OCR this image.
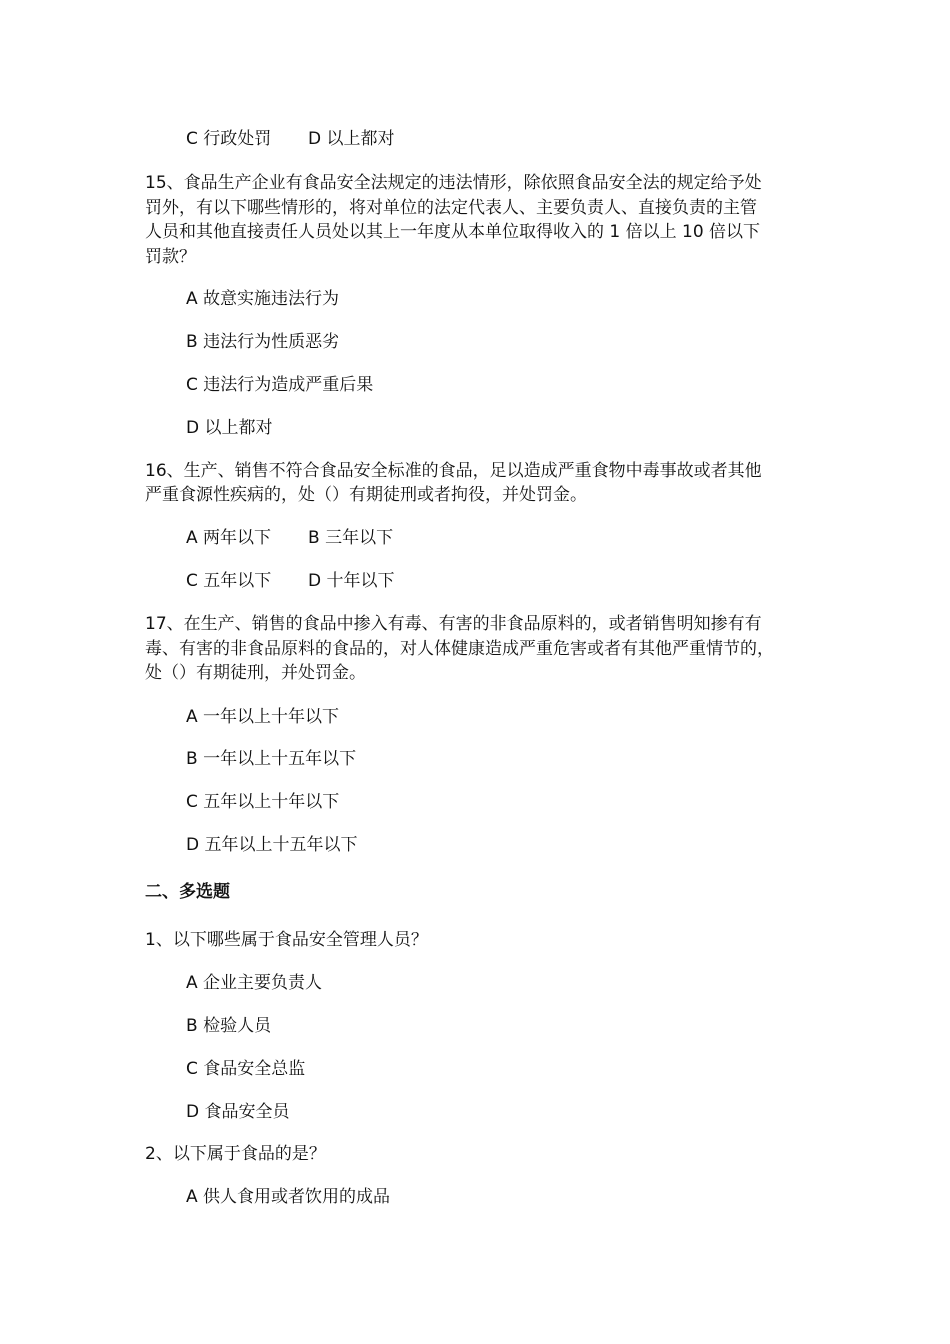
C 行政处罚 D 以上都对
15、食品生产企业有食品安全法规定的违法情形，除依照食品安全法的规定给予处
罚外，有以下哪些情形的，将对单位的法定代表人、主要负责人、直接负责的主管
人员和其他直接责任人员处以其上一年度从本单位取得收入的 1 倍以上 10 倍以下
罚款？
A 故意实施违法行为
B 违法行为性质恶劣
C 违法行为造成严重后果
D 以上都对
16、生产、销售不符合食品安全标准的食品，足以造成严重食物中毒事故或者其他
严重食源性疾病的，处（）有期徒刑或者拘役，并处罚金。
A 两年以下 B 三年以下
C 五年以下 D 十年以下
17、在生产、销售的食品中掺入有毒、有害的非食品原料的，或者销售明知掺有有
毒、有害的非食品原料的食品的，对人体健康造成严重危害或者有其他严重情节的，
处（）有期徒刑，并处罚金。
A 一年以上十年以下
B 一年以上十五年以下
C 五年以上十年以下
D 五年以上十五年以下
二、多选题
1、以下哪些属于食品安全管理人员？
A 企业主要负责人
B 检验人员
C 食品安全总监
D 食品安全员
2、以下属于食品的是？
A 供人食用或者饮用的成品
